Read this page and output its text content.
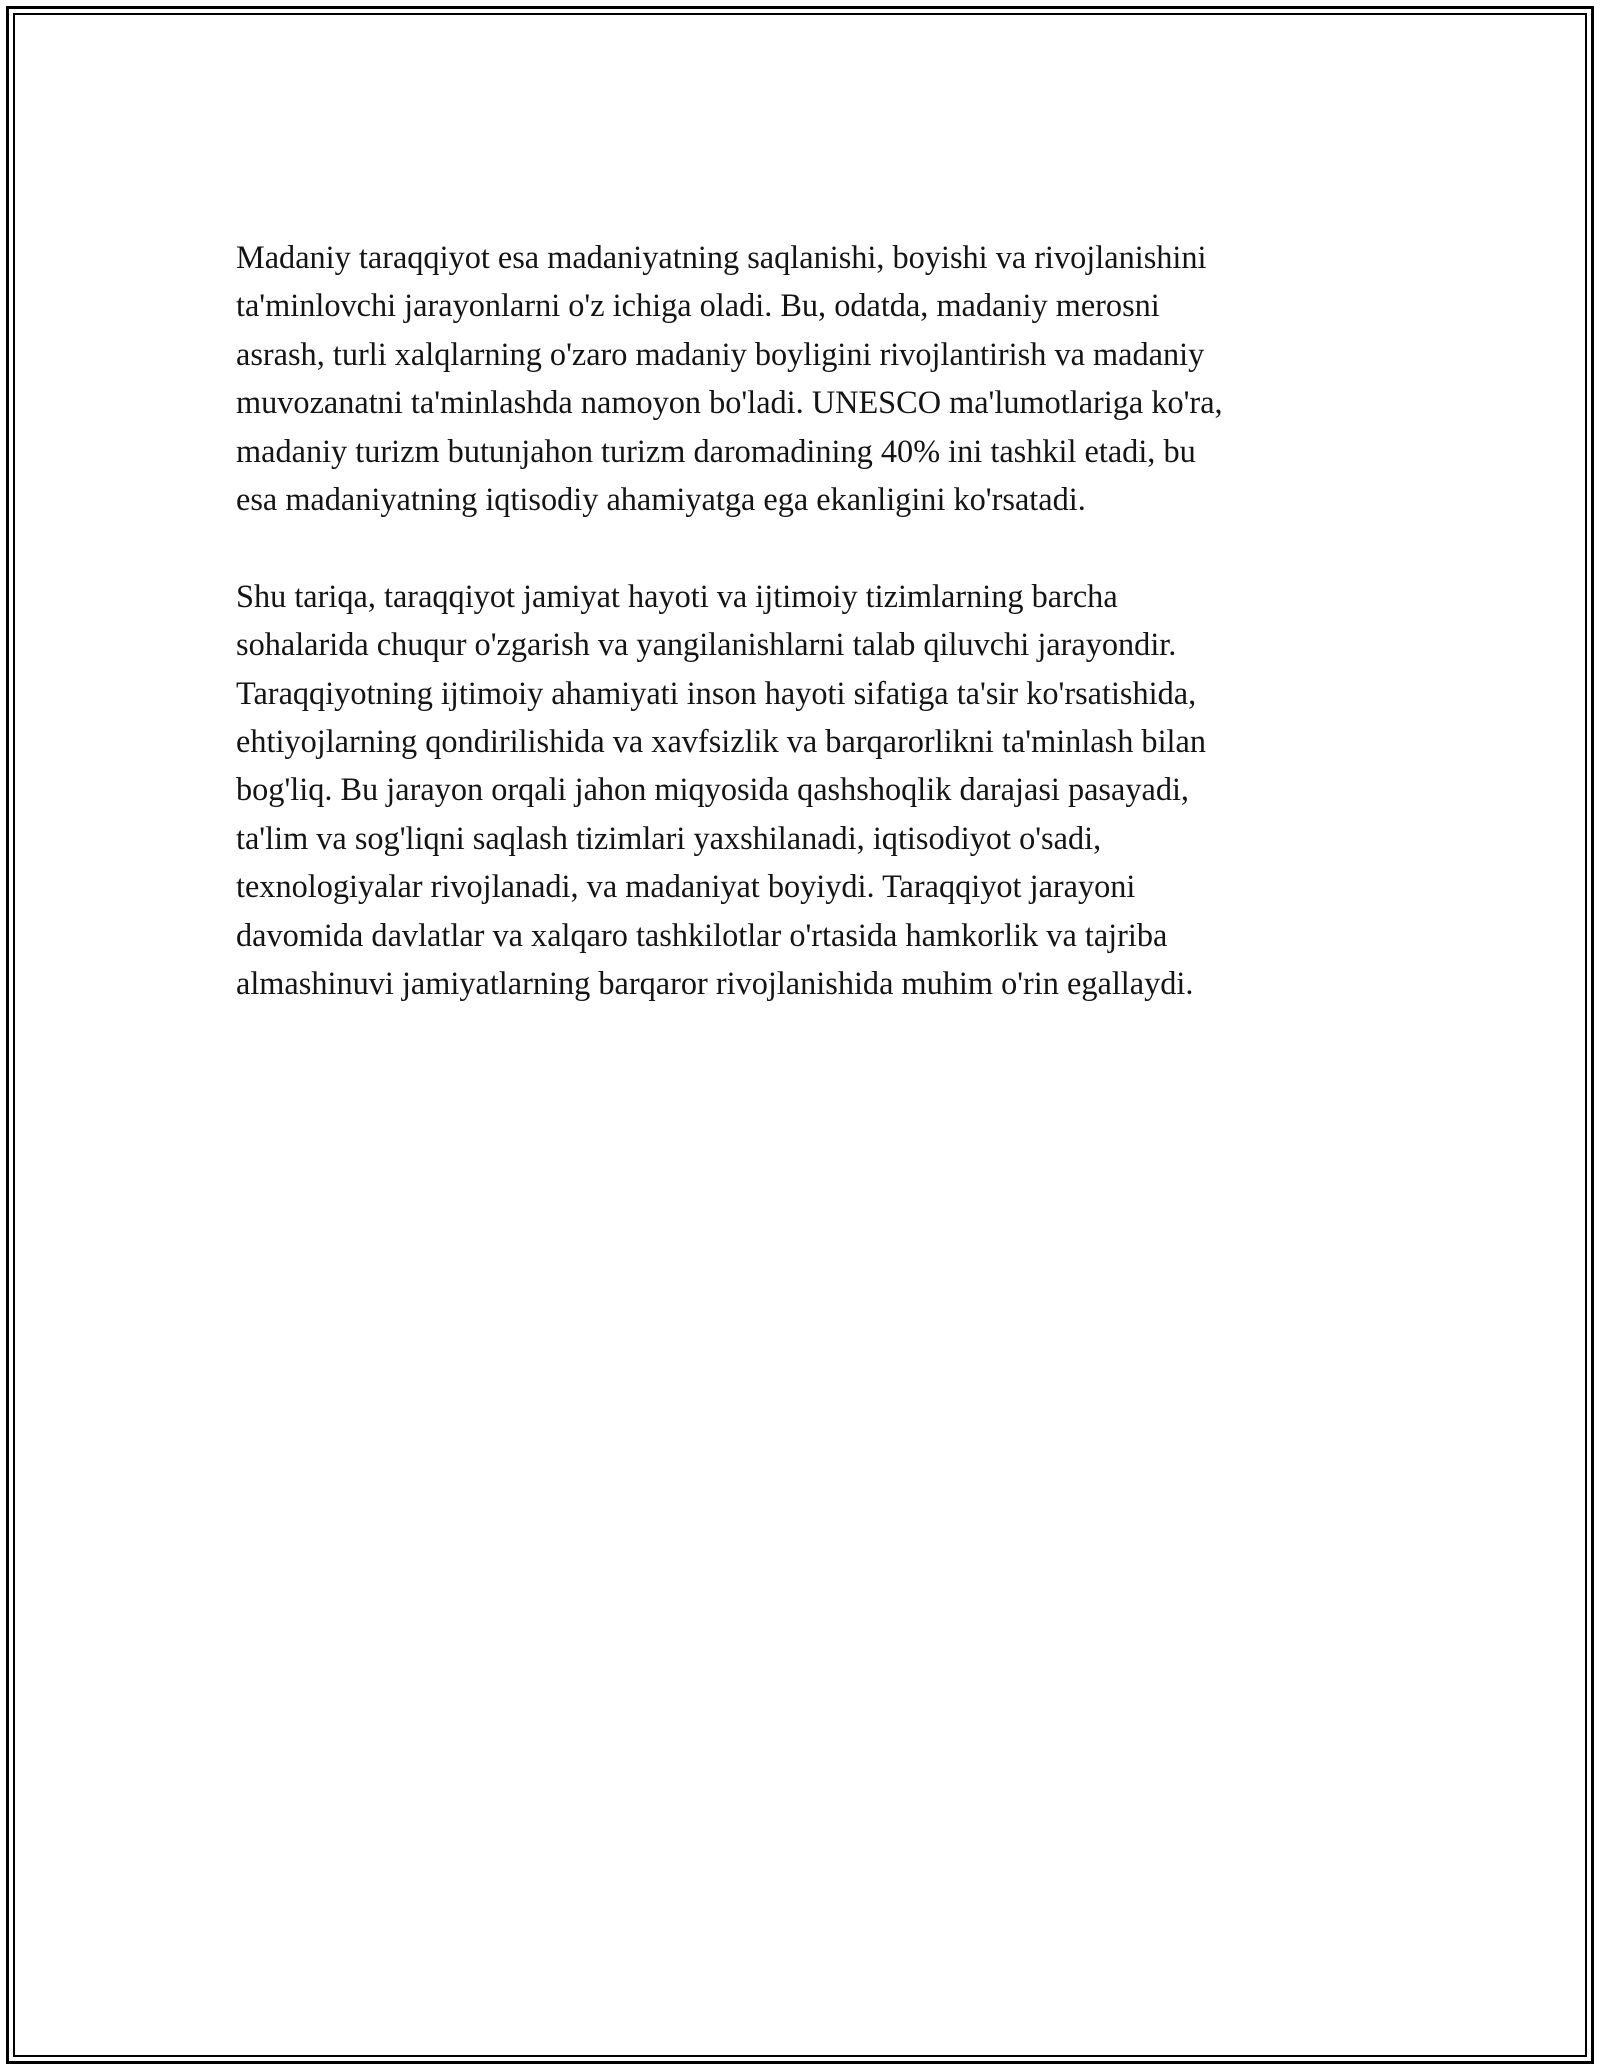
Madaniy taraqqiyot esa madaniyatning saqlanishi, boyishi va rivojlanishini
ta'minlovchi jarayonlarni o'z ichiga oladi. Bu, odatda, madaniy merosni
asrash, turli xalqlarning o'zaro madaniy boyligini rivojlantirish va madaniy
muvozanatni ta'minlashda namoyon bo'ladi. UNESCO ma'lumotlariga ko'ra,
madaniy turizm butunjahon turizm daromadining 40% ini tashkil etadi, bu
esa madaniyatning iqtisodiy ahamiyatga ega ekanligini ko'rsatadi.

Shu tariqa, taraqqiyot jamiyat hayoti va ijtimoiy tizimlarning barcha
sohalarida chuqur o'zgarish va yangilanishlarni talab qiluvchi jarayondir.
Taraqqiyotning ijtimoiy ahamiyati inson hayoti sifatiga ta'sir ko'rsatishida,
ehtiyojlarning qondirilishida va xavfsizlik va barqarorlikni ta'minlash bilan
bog'liq. Bu jarayon orqali jahon miqyosida qashshoqlik darajasi pasayadi,
ta'lim va sog'liqni saqlash tizimlari yaxshilanadi, iqtisodiyot o'sadi,
texnologiyalar rivojlanadi, va madaniyat boyiydi. Taraqqiyot jarayoni
davomida davlatlar va xalqaro tashkilotlar o'rtasida hamkorlik va tajriba
almashinuvi jamiyatlarning barqaror rivojlanishida muhim o'rin egallaydi.
